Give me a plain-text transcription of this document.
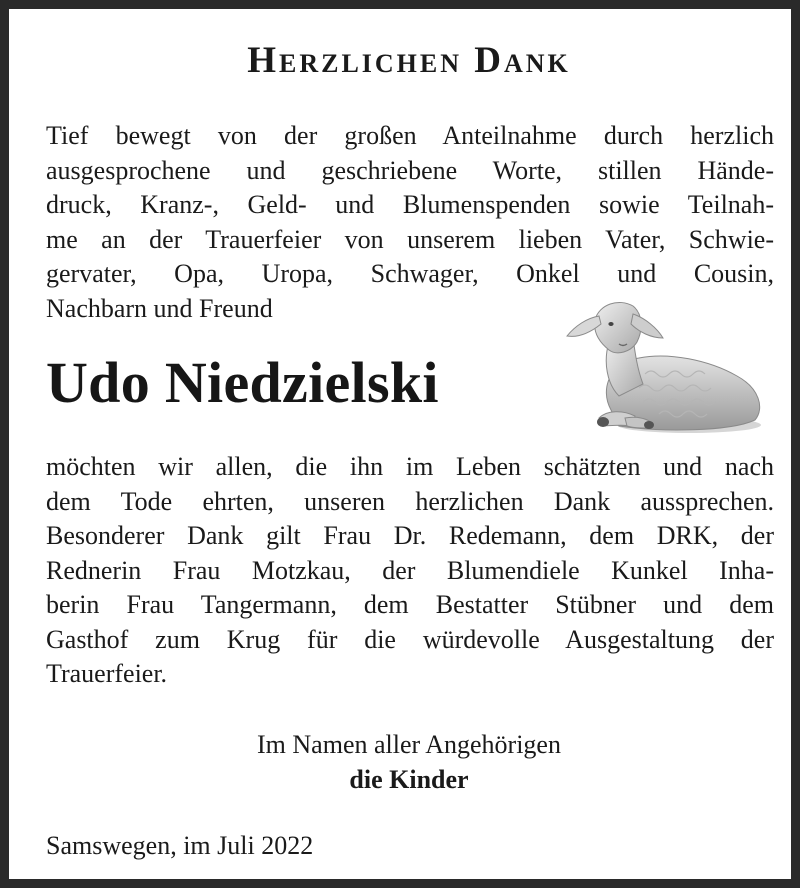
Herzlichen Dank

Tief bewegt von der großen Anteilnahme durch herzlich
ausgesprochene und geschriebene Worte, stillen Hände-
druck, Kranz-, Geld- und Blumenspenden sowie Teilnah-
me an der Trauerfeier von unserem lieben Vater, Schwie-
gervater, Opa, Uropa, Schwager, Onkel und Cousin,
Nachbarn und Freund

Udo Niedzielski

möchten wir allen, die ihn im Leben schätzten und nach
dem Tode ehrten, unseren herzlichen Dank aussprechen.
Besonderer Dank gilt Frau Dr. Redemann, dem DRK, der
Rednerin Frau Motzkau, der Blumendiele Kunkel Inha-
berin Frau Tangermann, dem Bestatter Stübner und dem
Gasthof zum Krug für die würdevolle Ausgestaltung der
Trauerfeier.

Im Namen aller Angehörigen
die Kinder
Samswegen, im Juli 2022
